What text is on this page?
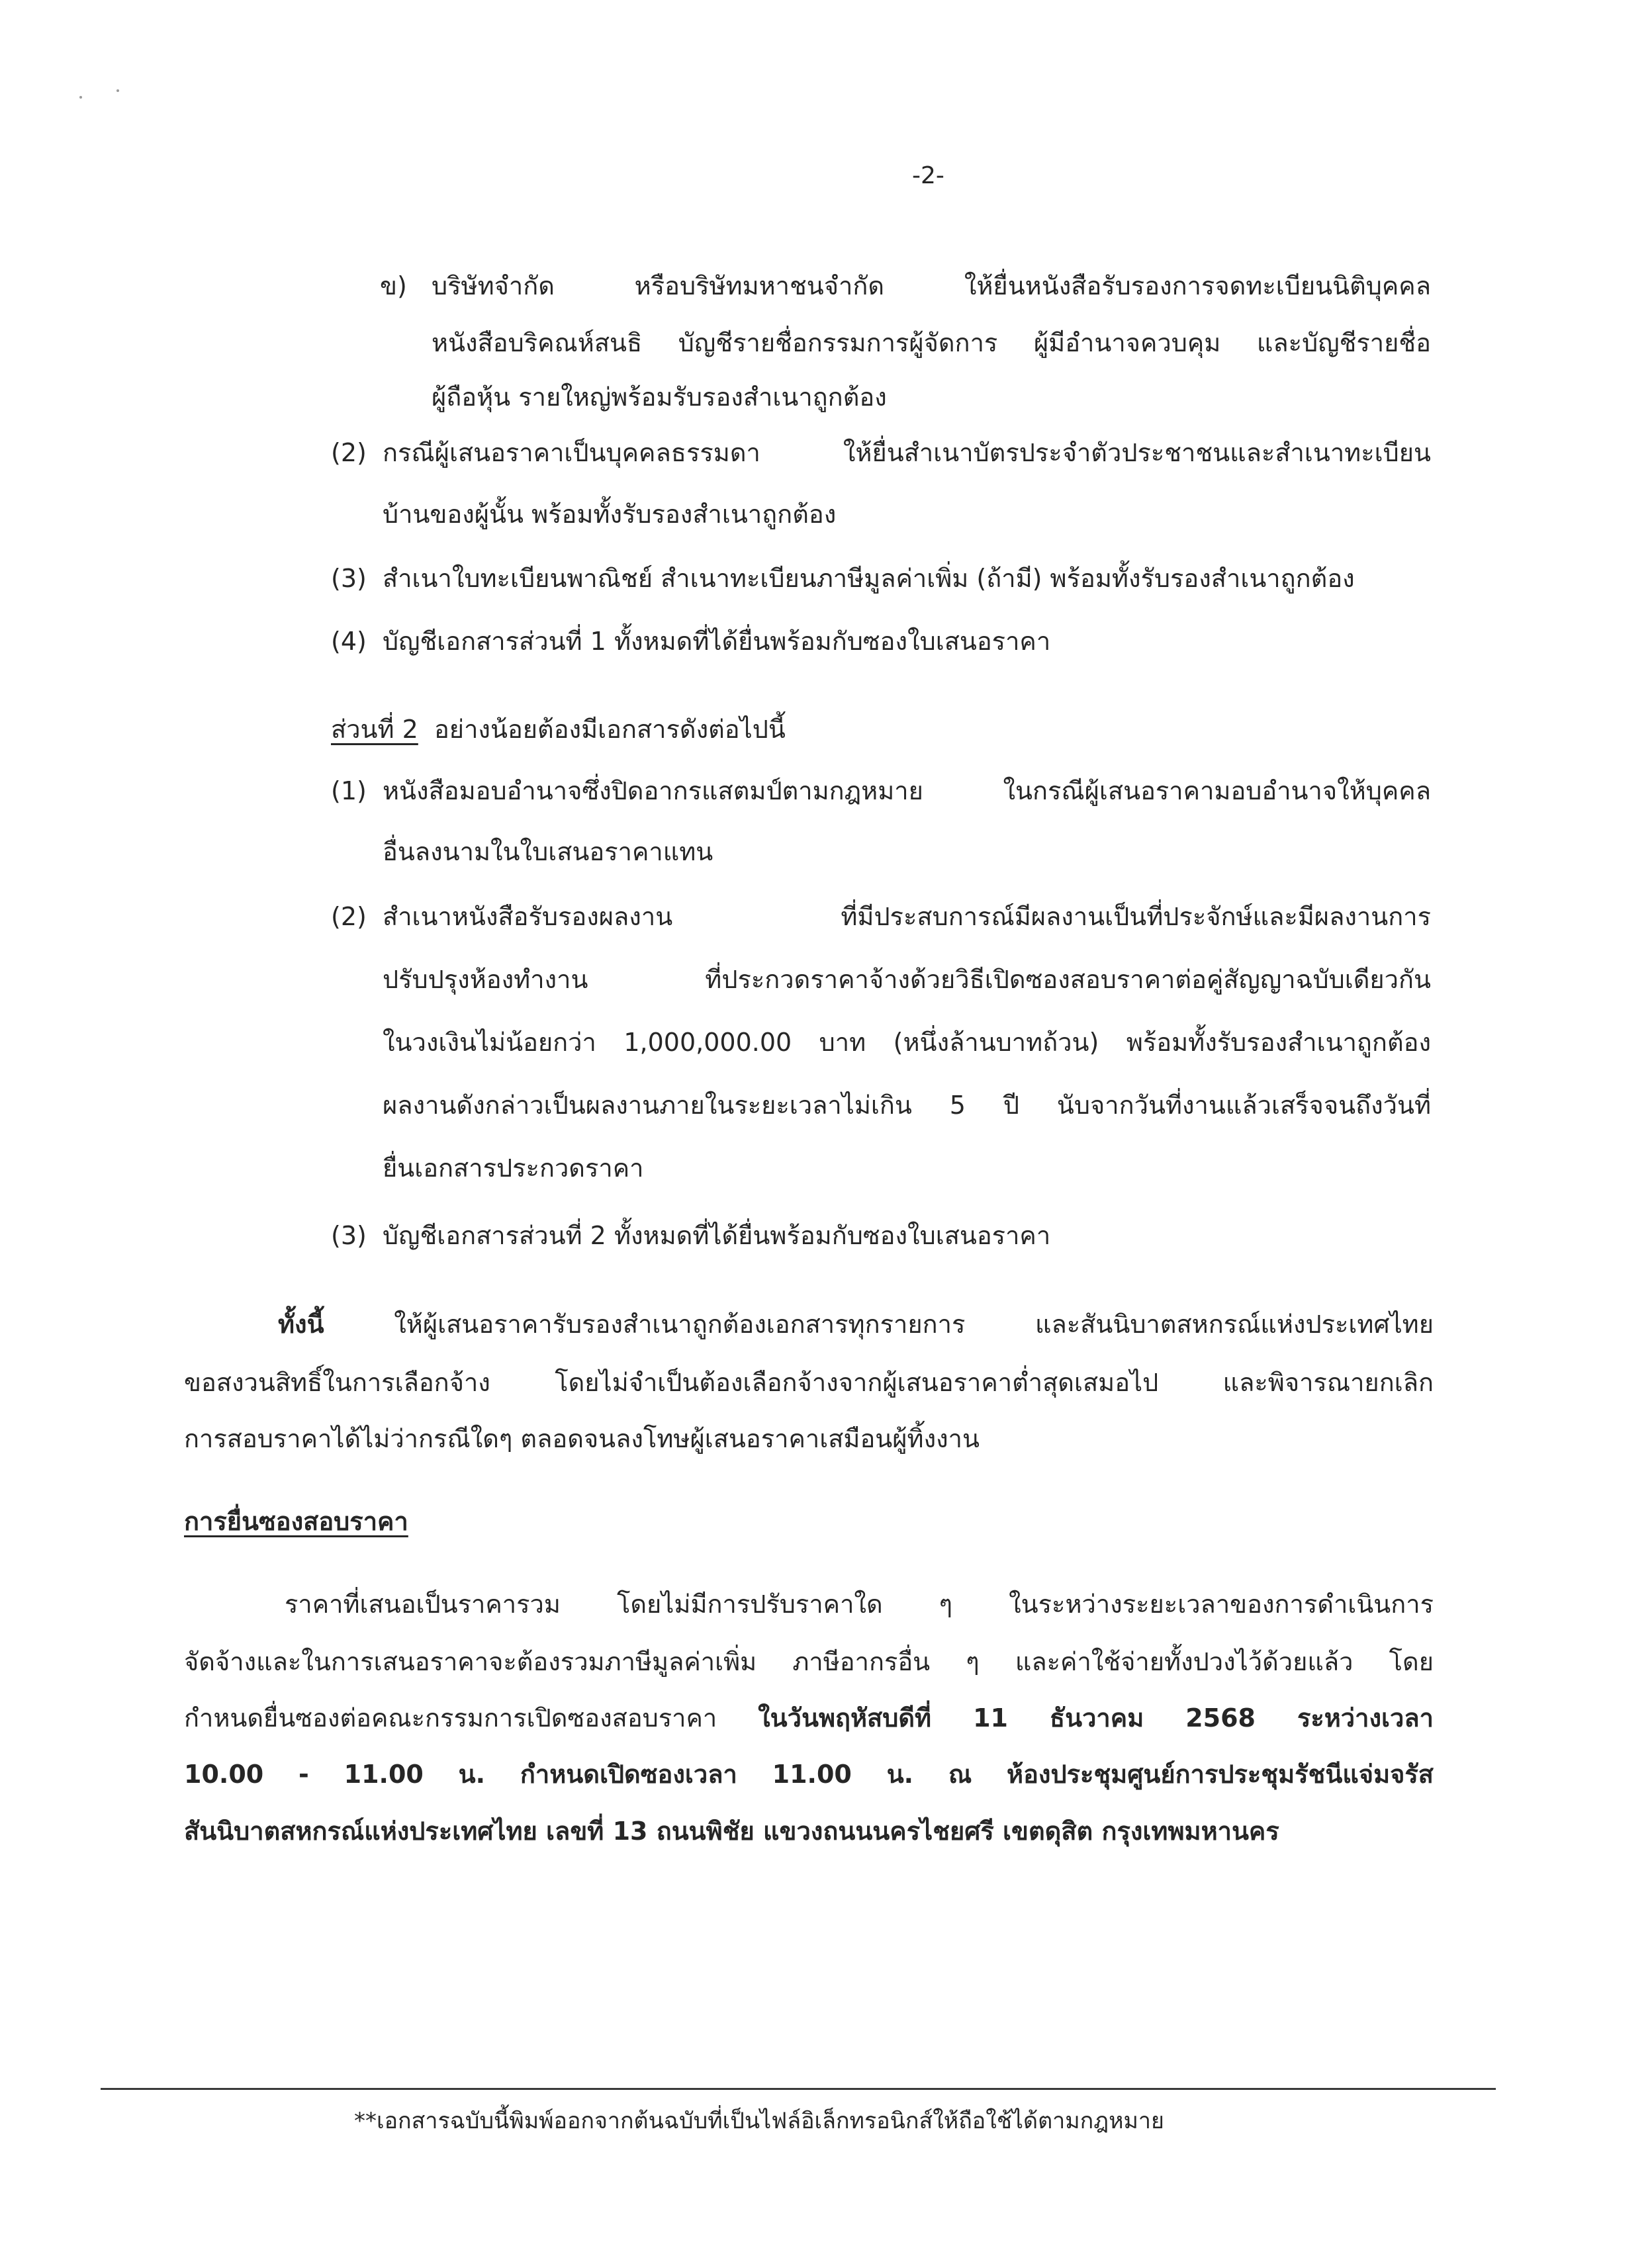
-2-
ข) บริษัทจำกัด หรือบริษัทมหาชนจำกัด ให้ยื่นหนังสือรับรองการจดทะเบียนนิติบุคคล
หนังสือบริคณห์สนธิ บัญชีรายชื่อกรรมการผู้จัดการ ผู้มีอำนาจควบคุม และบัญชีรายชื่อ
ผู้ถือหุ้น รายใหญ่พร้อมรับรองสำเนาถูกต้อง
(2) กรณีผู้เสนอราคาเป็นบุคคลธรรมดา ให้ยื่นสำเนาบัตรประจำตัวประชาชนและสำเนาทะเบียน
บ้านของผู้นั้น พร้อมทั้งรับรองสำเนาถูกต้อง
(3) สำเนาใบทะเบียนพาณิชย์ สำเนาทะเบียนภาษีมูลค่าเพิ่ม (ถ้ามี) พร้อมทั้งรับรองสำเนาถูกต้อง
(4) บัญชีเอกสารส่วนที่ 1 ทั้งหมดที่ได้ยื่นพร้อมกับซองใบเสนอราคา
ส่วนที่ 2 อย่างน้อยต้องมีเอกสารดังต่อไปนี้
(1) หนังสือมอบอำนาจซึ่งปิดอากรแสตมป์ตามกฎหมาย ในกรณีผู้เสนอราคามอบอำนาจให้บุคคล
อื่นลงนามในใบเสนอราคาแทน
(2) สำเนาหนังสือรับรองผลงาน ที่มีประสบการณ์มีผลงานเป็นที่ประจักษ์และมีผลงานการ
ปรับปรุงห้องทำงาน ที่ประกวดราคาจ้างด้วยวิธีเปิดซองสอบราคาต่อคู่สัญญาฉบับเดียวกัน
ในวงเงินไม่น้อยกว่า 1,000,000.00 บาท (หนึ่งล้านบาทถ้วน) พร้อมทั้งรับรองสำเนาถูกต้อง
ผลงานดังกล่าวเป็นผลงานภายในระยะเวลาไม่เกิน 5 ปี นับจากวันที่งานแล้วเสร็จจนถึงวันที่
ยื่นเอกสารประกวดราคา
(3) บัญชีเอกสารส่วนที่ 2 ทั้งหมดที่ได้ยื่นพร้อมกับซองใบเสนอราคา
ทั้งนี้	ให้ผู้เสนอราคารับรองสำเนาถูกต้องเอกสารทุกรายการ และสันนิบาตสหกรณ์แห่งประเทศไทย
ขอสงวนสิทธิ์ในการเลือกจ้าง โดยไม่จำเป็นต้องเลือกจ้างจากผู้เสนอราคาต่ำสุดเสมอไป และพิจารณายกเลิก
การสอบราคาได้ไม่ว่ากรณีใดๆ ตลอดจนลงโทษผู้เสนอราคาเสมือนผู้ทิ้งงาน
การยื่นซองสอบราคา
ราคาที่เสนอเป็นราคารวม โดยไม่มีการปรับราคาใด ๆ ในระหว่างระยะเวลาของการดำเนินการ
จัดจ้างและในการเสนอราคาจะต้องรวมภาษีมูลค่าเพิ่ม ภาษีอากรอื่น ๆ และค่าใช้จ่ายทั้งปวงไว้ด้วยแล้ว โดย
กำหนดยื่นซองต่อคณะกรรมการเปิดซองสอบราคา ในวันพฤหัสบดีที่ 11 ธันวาคม 2568 ระหว่างเวลา
10.00 - 11.00 น. กำหนดเปิดซองเวลา 11.00 น. ณ ห้องประชุมศูนย์การประชุมรัชนีแจ่มจรัส
สันนิบาตสหกรณ์แห่งประเทศไทย เลขที่ 13 ถนนพิชัย แขวงถนนนครไชยศรี เขตดุสิต กรุงเทพมหานคร
**เอกสารฉบับนี้พิมพ์ออกจากต้นฉบับที่เป็นไฟล์อิเล็กทรอนิกส์ให้ถือใช้ได้ตามกฎหมาย
